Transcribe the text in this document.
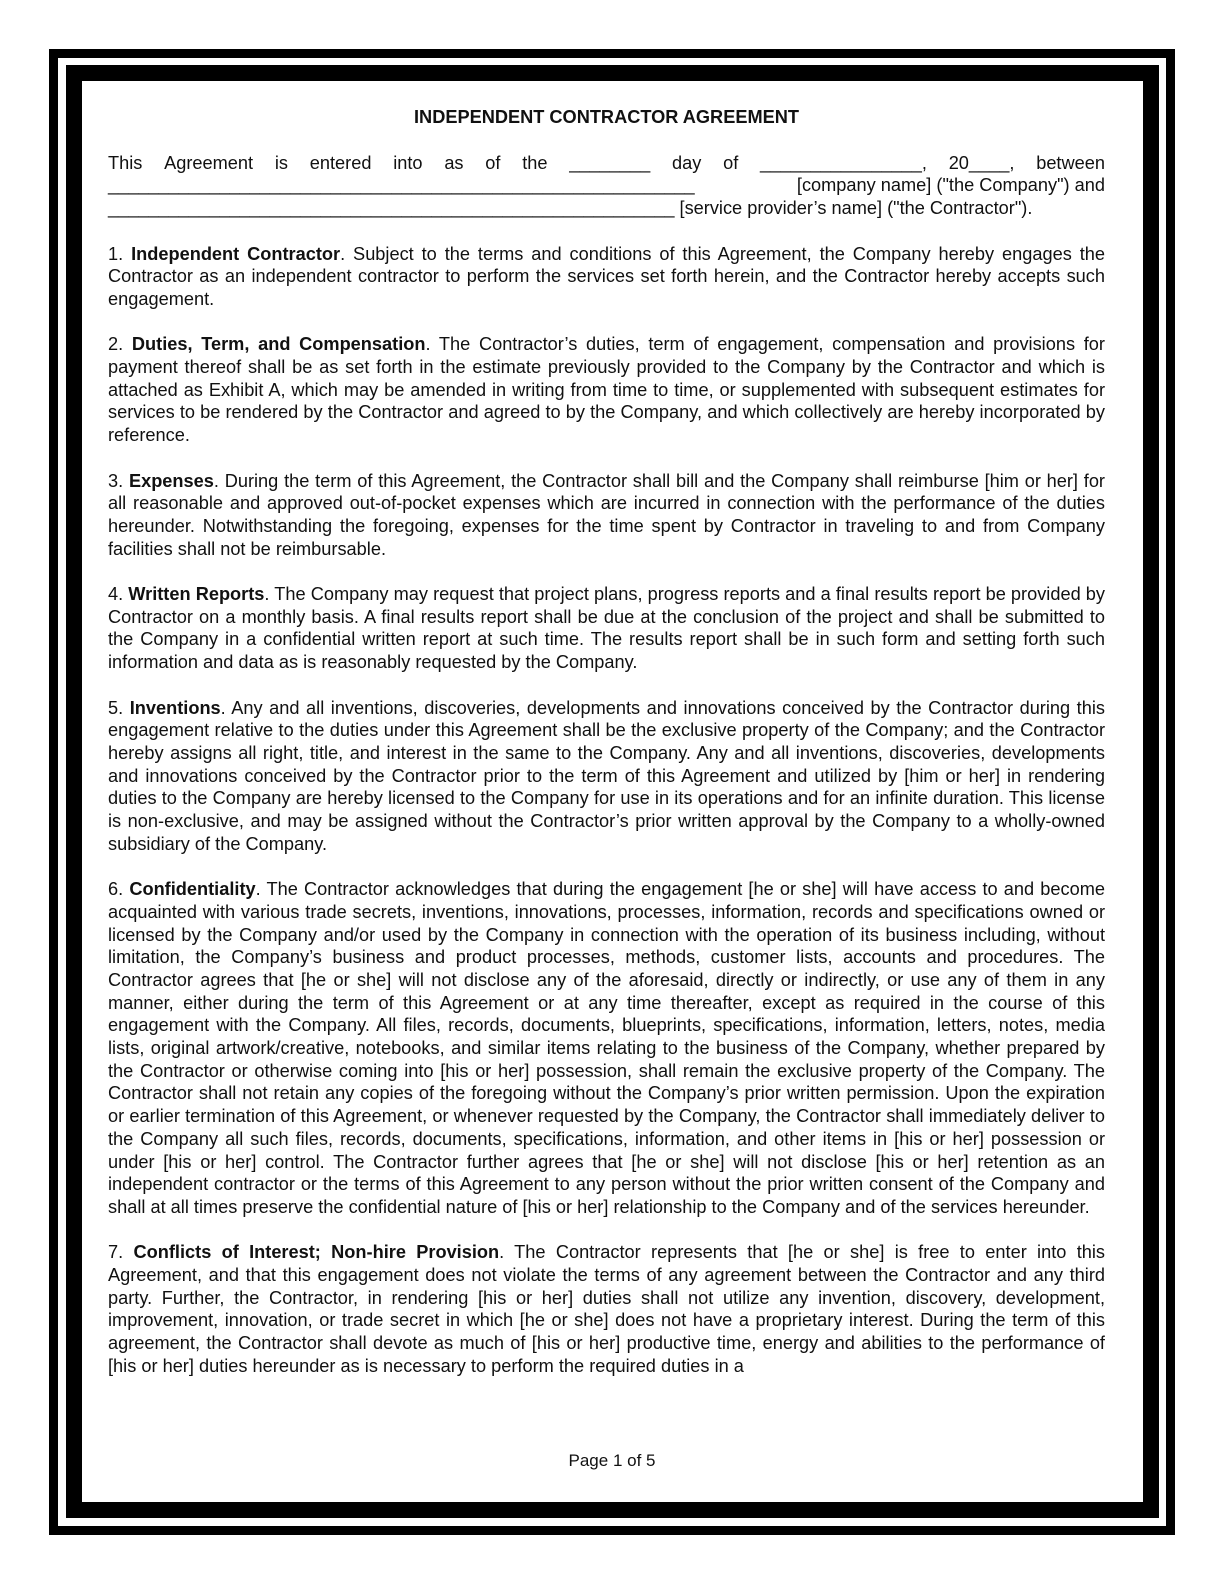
INDEPENDENT CONTRACTOR AGREEMENT
This Agreement is entered into as of the ________ day of ________________, 20____, between
__________________________________________________________	[company name] ("the Company") and
________________________________________________________
[service provider’s name] ("the Contractor").
1. Independent Contractor. Subject to the terms and conditions of this Agreement, the Company hereby engages the Contractor as an independent contractor to perform the services set forth herein, and the Contractor hereby accepts such engagement.
2. Duties, Term, and Compensation. The Contractor’s duties, term of engagement, compensation and provisions for payment thereof shall be as set forth in the estimate previously provided to the Company by the Contractor and which is attached as Exhibit A, which may be amended in writing from time to time, or supplemented with subsequent estimates for services to be rendered by the Contractor and agreed to by the Company, and which collectively are hereby incorporated by reference.
3. Expenses. During the term of this Agreement, the Contractor shall bill and the Company shall reimburse [him or her] for all reasonable and approved out-of-pocket expenses which are incurred in connection with the performance of the duties hereunder. Notwithstanding the foregoing, expenses for the time spent by Contractor in traveling to and from Company facilities shall not be reimbursable.
4. Written Reports. The Company may request that project plans, progress reports and a final results report be provided by Contractor on a monthly basis. A final results report shall be due at the conclusion of the project and shall be submitted to the Company in a confidential written report at such time. The results report shall be in such form and setting forth such information and data as is reasonably requested by the Company.
5. Inventions. Any and all inventions, discoveries, developments and innovations conceived by the Contractor during this engagement relative to the duties under this Agreement shall be the exclusive property of the Company; and the Contractor hereby assigns all right, title, and interest in the same to the Company. Any and all inventions, discoveries, developments and innovations conceived by the Contractor prior to the term of this Agreement and utilized by [him or her] in rendering duties to the Company are hereby licensed to the Company for use in its operations and for an infinite duration. This license is non-exclusive, and may be assigned without the Contractor’s prior written approval by the Company to a wholly-owned subsidiary of the Company.
6. Confidentiality. The Contractor acknowledges that during the engagement [he or she] will have access to and become acquainted with various trade secrets, inventions, innovations, processes, information, records and specifications owned or licensed by the Company and/or used by the Company in connection with the operation of its business including, without limitation, the Company’s business and product processes, methods, customer lists, accounts and procedures. The Contractor agrees that [he or she] will not disclose any of the aforesaid, directly or indirectly, or use any of them in any manner, either during the term of this Agreement or at any time thereafter, except as required in the course of this engagement with the Company. All files, records, documents, blueprints, specifications, information, letters, notes, media lists, original artwork/creative, notebooks, and similar items relating to the business of the Company, whether prepared by the Contractor or otherwise coming into [his or her] possession, shall remain the exclusive property of the Company. The Contractor shall not retain any copies of the foregoing without the Company’s prior written permission. Upon the expiration or earlier termination of this Agreement, or whenever requested by the Company, the Contractor shall immediately deliver to the Company all such files, records, documents, specifications, information, and other items in [his or her] possession or under [his or her] control. The Contractor further agrees that [he or she] will not disclose [his or her] retention as an independent contractor or the terms of this Agreement to any person without the prior written consent of the Company and shall at all times preserve the confidential nature of [his or her] relationship to the Company and of the services hereunder.
7. Conflicts of Interest; Non-hire Provision. The Contractor represents that [he or she] is free to enter into this Agreement, and that this engagement does not violate the terms of any agreement between the Contractor and any third party. Further, the Contractor, in rendering [his or her] duties shall not utilize any invention, discovery, development, improvement, innovation, or trade secret in which [he or she] does not have a proprietary interest. During the term of this agreement, the Contractor shall devote as much of [his or her] productive time, energy and abilities to the performance of [his or her] duties hereunder as is necessary to perform the required duties in a
Page 1 of 5
